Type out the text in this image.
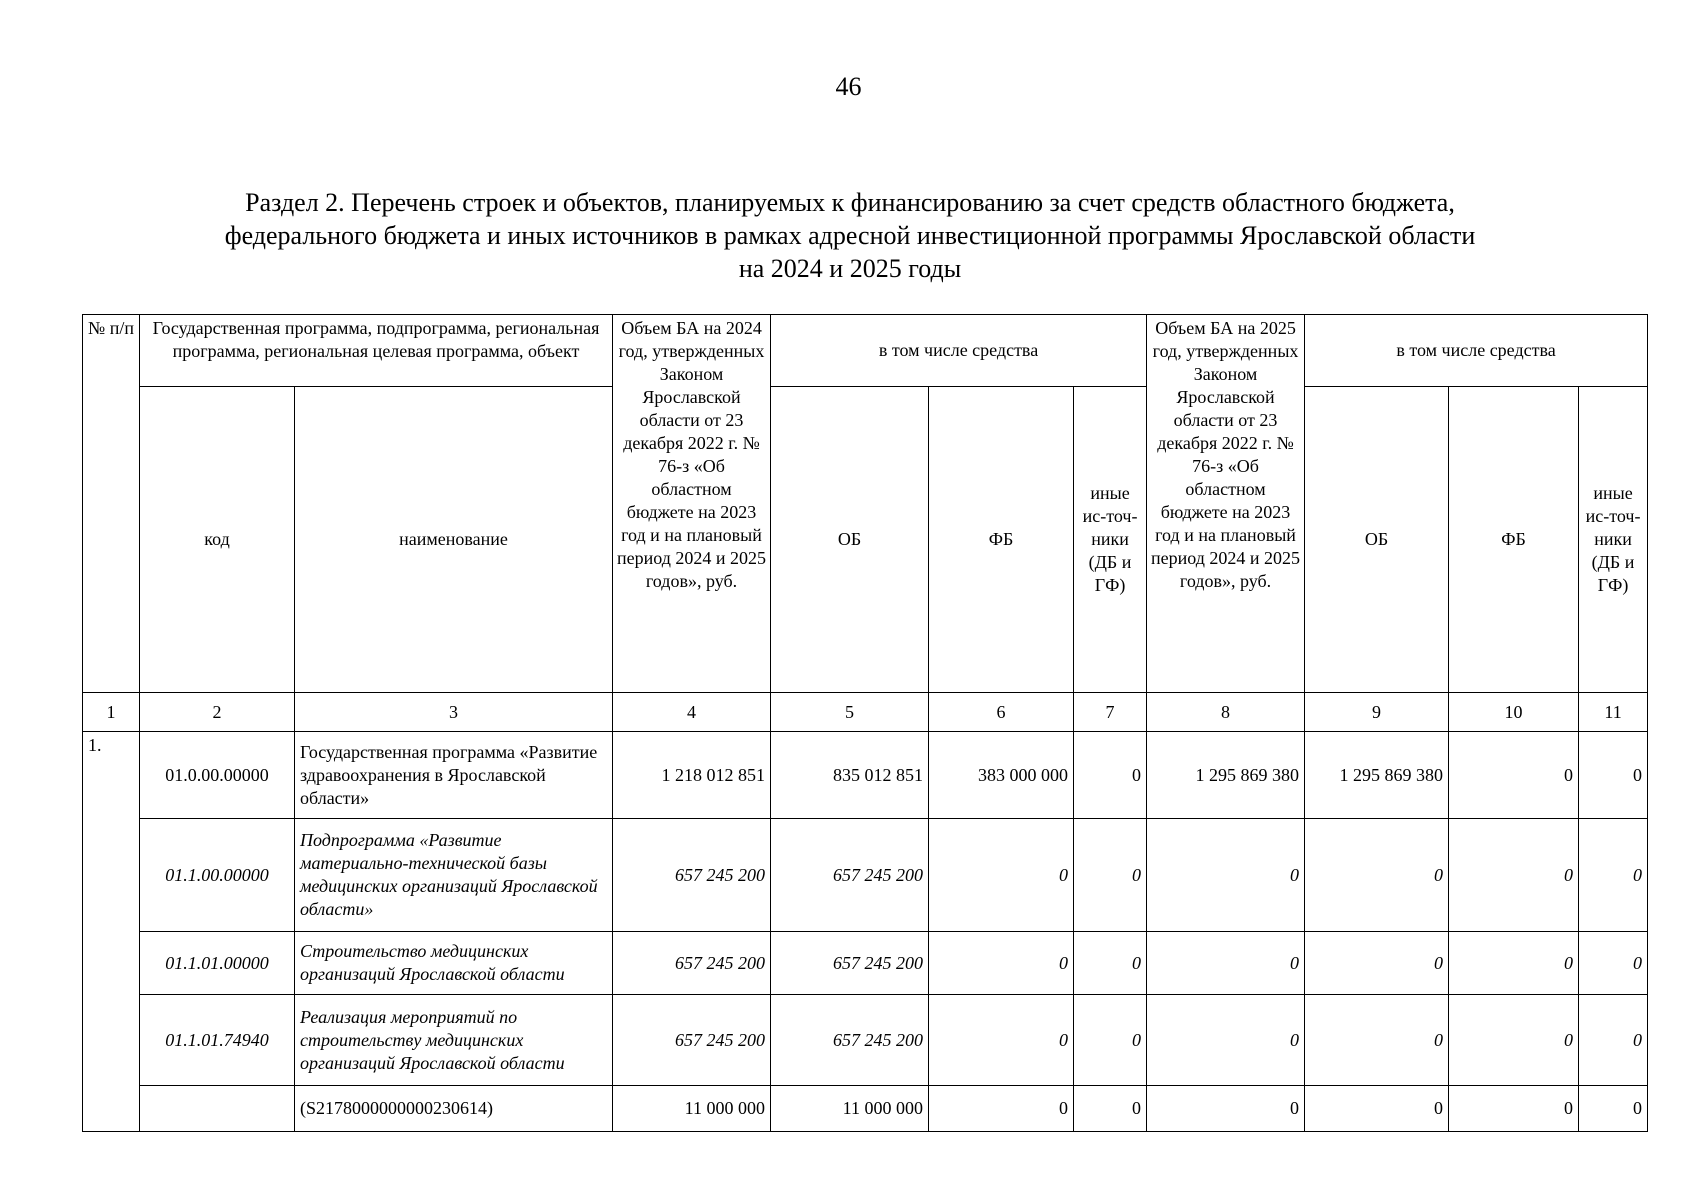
46
Раздел 2. Перечень строек и объектов, планируемых к финансированию за счет средств областного бюджета,
федерального бюджета и иных источников в рамках адресной инвестиционной программы Ярославской области
на 2024 и 2025 годы
№ п/п	Государственная программа, подпрограмма, региональная программа, региональная целевая программа, объект		Объем БА на 2024 год, утвержденных Законом Ярославской области от 23 декабря 2022 г. № 76-з «Об областном бюджете на 2023 год и на плановый период 2024 и 2025 годов», руб.	в том числе средства			Объем БА на 2025 год, утвержденных Законом Ярославской области от 23 декабря 2022 г. № 76-з «Об областном бюджете на 2023 год и на плановый период 2024 и 2025 годов», руб.	в том числе средства		
	код	наименование		ОБ	ФБ	иные ис-точ-ники (ДБ и ГФ)		ОБ	ФБ	иные ис-точ-ники (ДБ и ГФ)
1	2	3	4	5	6	7	8	9	10	11
1.	01.0.00.00000	Государственная программа «Развитие здравоохранения в Ярославской области»	1 218 012 851	835 012 851	383 000 000	0	1 295 869 380	1 295 869 380	0	0
	01.1.00.00000	Подпрограмма «Развитие материально-технической базы медицинских организаций Ярославской области»	657 245 200	657 245 200	0	0	0	0	0	0
	01.1.01.00000	Строительство медицинских организаций Ярославской области	657 245 200	657 245 200	0	0	0	0	0	0
	01.1.01.74940	Реализация мероприятий по строительству медицинских организаций Ярославской области	657 245 200	657 245 200	0	0	0	0	0	0
		(S2178000000000230614)	11 000 000	11 000 000	0	0	0	0	0	0
